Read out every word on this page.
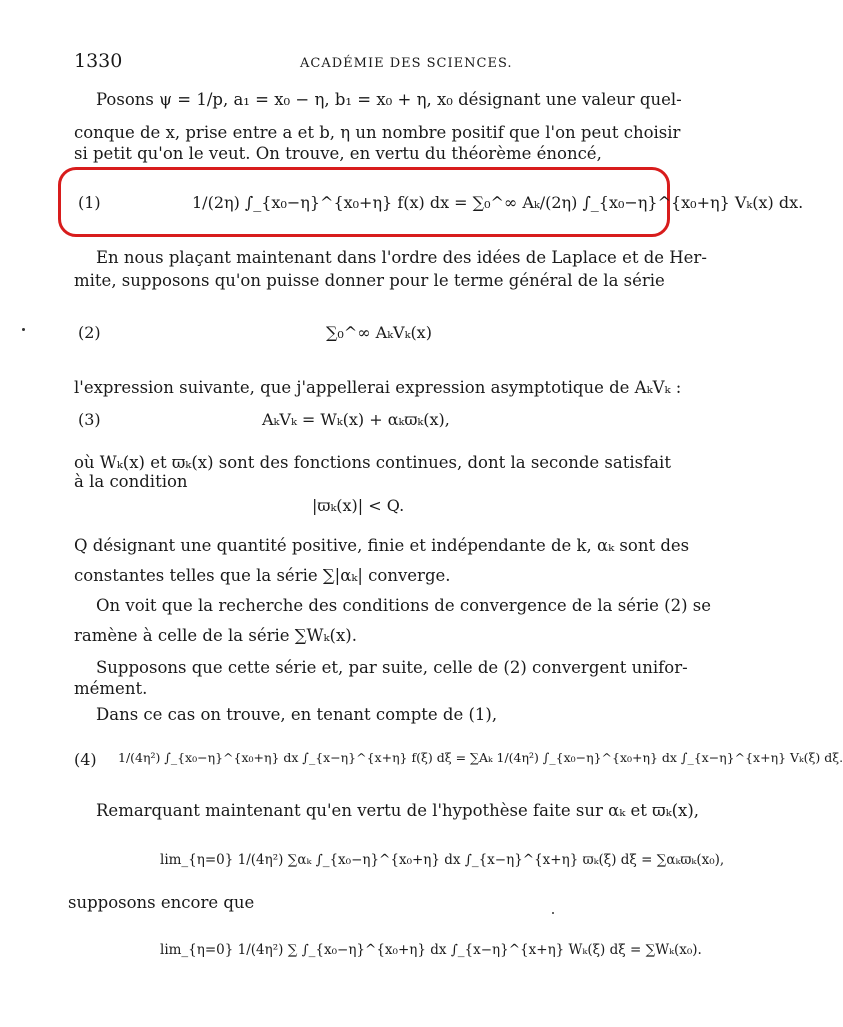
1330	ACADÉMIE DES SCIENCES.
Posons ψ = 1/p, a₁ = x₀ − η, b₁ = x₀ + η, x₀ désignant une valeur quel-
conque de x, prise entre a et b, η un nombre positif que l'on peut choisir
si petit qu'on le veut. On trouve, en vertu du théorème énoncé,
(1)	1/(2η) ∫_{x₀−η}^{x₀+η} f(x) dx = ∑₀^∞ Aₖ/(2η) ∫_{x₀−η}^{x₀+η} Vₖ(x) dx.
En nous plaçant maintenant dans l'ordre des idées de Laplace et de Her-
mite, supposons qu'on puisse donner pour le terme général de la série
(2)	∑₀^∞ AₖVₖ(x)
l'expression suivante, que j'appellerai expression asymptotique de AₖVₖ :
(3)	AₖVₖ = Wₖ(x) + αₖϖₖ(x),
où Wₖ(x) et ϖₖ(x) sont des fonctions continues, dont la seconde satisfait
à la condition
|ϖₖ(x)| < Q.
Q désignant une quantité positive, finie et indépendante de k, αₖ sont des
constantes telles que la série ∑|αₖ| converge.
On voit que la recherche des conditions de convergence de la série (2) se
ramène à celle de la série ∑Wₖ(x).
Supposons que cette série et, par suite, celle de (2) convergent unifor-
mément.
Dans ce cas on trouve, en tenant compte de (1),
(4) 1/(4η²) ∫_{x₀−η}^{x₀+η} dx ∫_{x−η}^{x+η} f(ξ) dξ = ∑Aₖ 1/(4η²) ∫_{x₀−η}^{x₀+η} dx ∫_{x−η}^{x+η} Vₖ(ξ) dξ.
Remarquant maintenant qu'en vertu de l'hypothèse faite sur αₖ et ϖₖ(x),
lim_{η=0} 1/(4η²) ∑αₖ ∫_{x₀−η}^{x₀+η} dx ∫_{x−η}^{x+η} ϖₖ(ξ) dξ = ∑αₖϖₖ(x₀),
supposons encore que
lim_{η=0} 1/(4η²) ∑ ∫_{x₀−η}^{x₀+η} dx ∫_{x−η}^{x+η} Wₖ(ξ) dξ = ∑Wₖ(x₀).
